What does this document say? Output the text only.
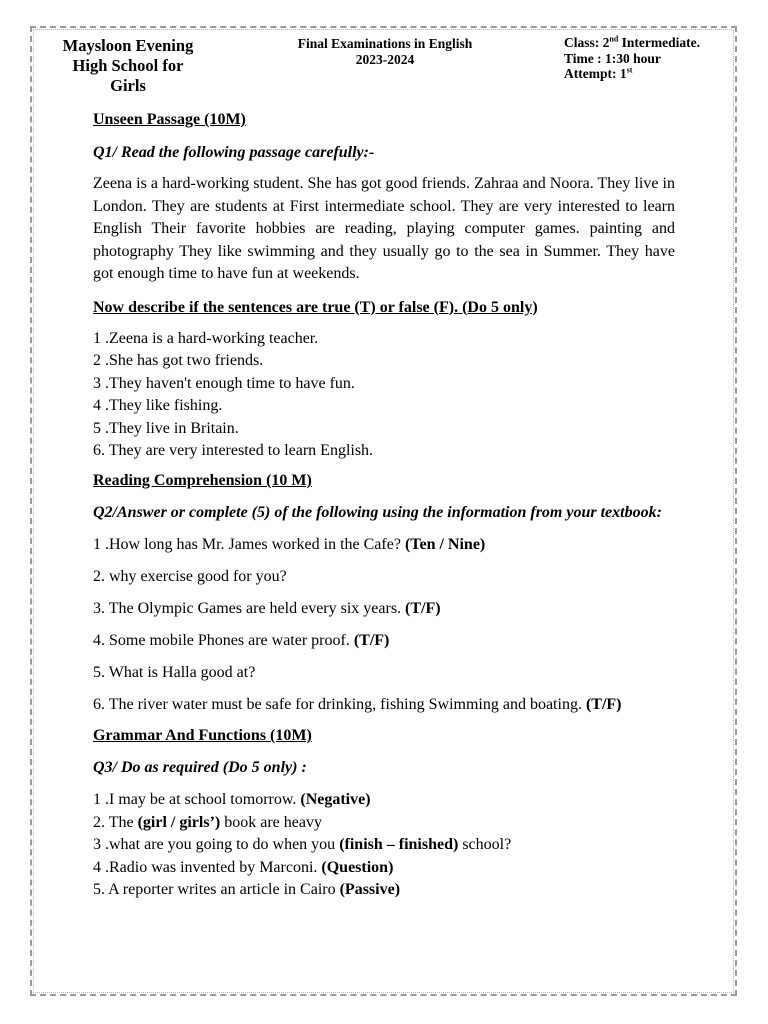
Maysloon Evening
High School for
Girls
Final Examinations in English
2023-2024
Class: 2nd Intermediate.
Time : 1:30 hour
Attempt: 1st

Unseen Passage (10M)

Q1/ Read the following passage carefully:-

Zeena is a hard-working student. She has got good friends. Zahraa and Noora. They live in London. They are students at First intermediate school. They are very interested to learn English Their favorite hobbies are reading, playing computer games. painting and photography They like swimming and they usually go to the sea in Summer. They have got enough time to have fun at weekends.

Now describe if the sentences are true (T) or false (F). (Do 5 only)

1 .Zeena is a hard-working teacher.
2 .She has got two friends.
3 .They haven't enough time to have fun.
4 .They like fishing.
5 .They live in Britain.
6. They are very interested to learn English.

Reading Comprehension (10 M)

Q2/Answer or complete (5) of the following using the information from your textbook:

1 .How long has Mr. James worked in the Cafe? (Ten / Nine)
2. why exercise good for you?
3. The Olympic Games are held every six years. (T/F)
4. Some mobile Phones are water proof. (T/F)
5. What is Halla good at?
6. The river water must be safe for drinking, fishing Swimming and boating. (T/F)

Grammar And Functions (10M)

Q3/ Do as required (Do 5 only) :

1 .I may be at school tomorrow. (Negative)
2. The (girl / girls’) book are heavy
3 .what are you going to do when you (finish – finished) school?
4 .Radio was invented by Marconi. (Question)
5. A reporter writes an article in Cairo (Passive)
